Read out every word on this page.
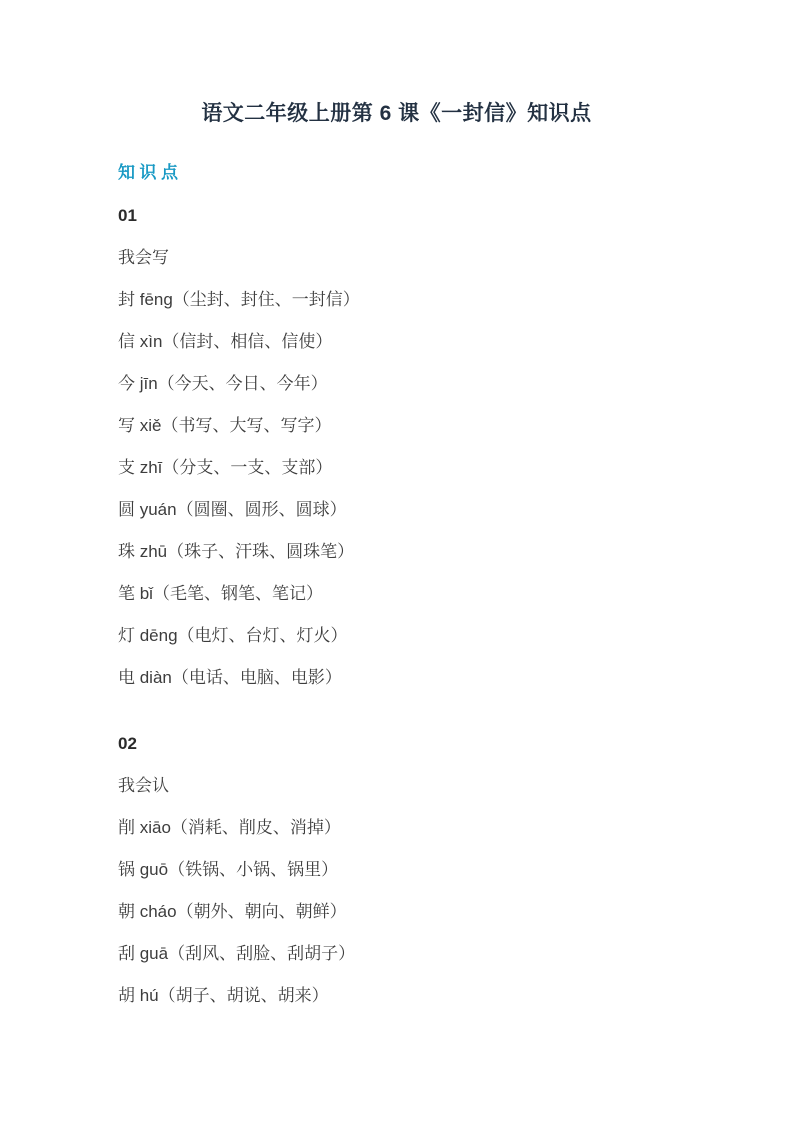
语文二年级上册第 6 课《一封信》知识点
知识点

01

我会写

封 fēng（尘封、封住、一封信）

信 xìn（信封、相信、信使）

今 jīn（今天、今日、今年）

写 xiě（书写、大写、写字）

支 zhī（分支、一支、支部）

圆 yuán（圆圈、圆形、圆球）

珠 zhū（珠子、汗珠、圆珠笔）

笔 bǐ（毛笔、钢笔、笔记）

灯 dēng（电灯、台灯、灯火）

电 diàn（电话、电脑、电影）

02

我会认

削 xiāo（消耗、削皮、消掉）

锅 guō（铁锅、小锅、锅里）

朝 cháo（朝外、朝向、朝鲜）

刮 guā（刮风、刮脸、刮胡子）

胡 hú（胡子、胡说、胡来）
